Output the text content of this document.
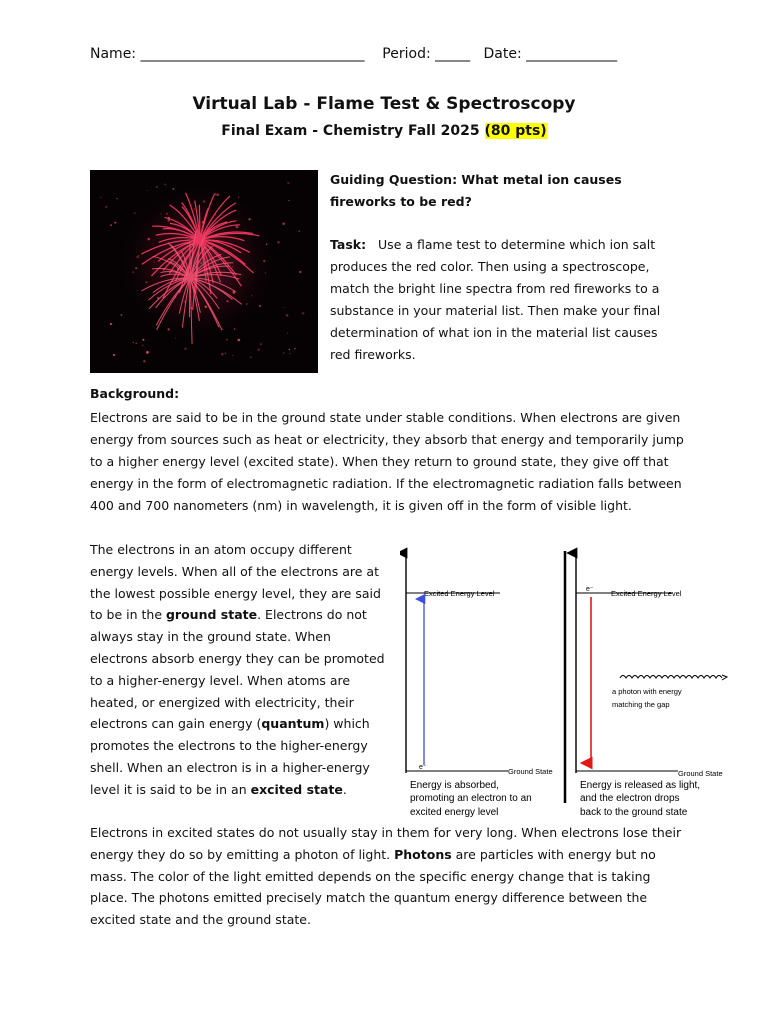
Name: ________________________________ Period: _____ Date: _____________
Virtual Lab - Flame Test & Spectroscopy
Final Exam - Chemistry Fall 2025 (80 pts)
Guiding Question: What metal ion causes fireworks to be red?
Task: Use a flame test to determine which ion salt produces the red color. Then using a spectroscope, match the bright line spectra from red fireworks to a substance in your material list. Then make your final determination of what ion in the material list causes red fireworks.
Background:
Electrons are said to be in the ground state under stable conditions. When electrons are given energy from sources such as heat or electricity, they absorb that energy and temporarily jump to a higher energy level (excited state). When they return to ground state, they give off that energy in the form of electromagnetic radiation. If the electromagnetic radiation falls between 400 and 700 nanometers (nm) in wavelength, it is given off in the form of visible light.
The electrons in an atom occupy different energy levels. When all of the electrons are at the lowest possible energy level, they are said to be in the ground state. Electrons do not always stay in the ground state. When electrons absorb energy they can be promoted to a higher-energy level. When atoms are heated, or energized with electricity, their electrons can gain energy (quantum) which promotes the electrons to the higher-energy shell. When an electron is in a higher-energy level it is said to be in an excited state.
Excited Energy Level
Ground State
e⁻
Energy is absorbed,
promoting an electron to an
excited energy level
Excited Energy Level
e⁻
Ground State
a photon with energy
matching the gap
Energy is released as light,
and the electron drops
back to the ground state
Electrons in excited states do not usually stay in them for very long. When electrons lose their energy they do so by emitting a photon of light. Photons are particles with energy but no mass. The color of the light emitted depends on the specific energy change that is taking place. The photons emitted precisely match the quantum energy difference between the excited state and the ground state.
